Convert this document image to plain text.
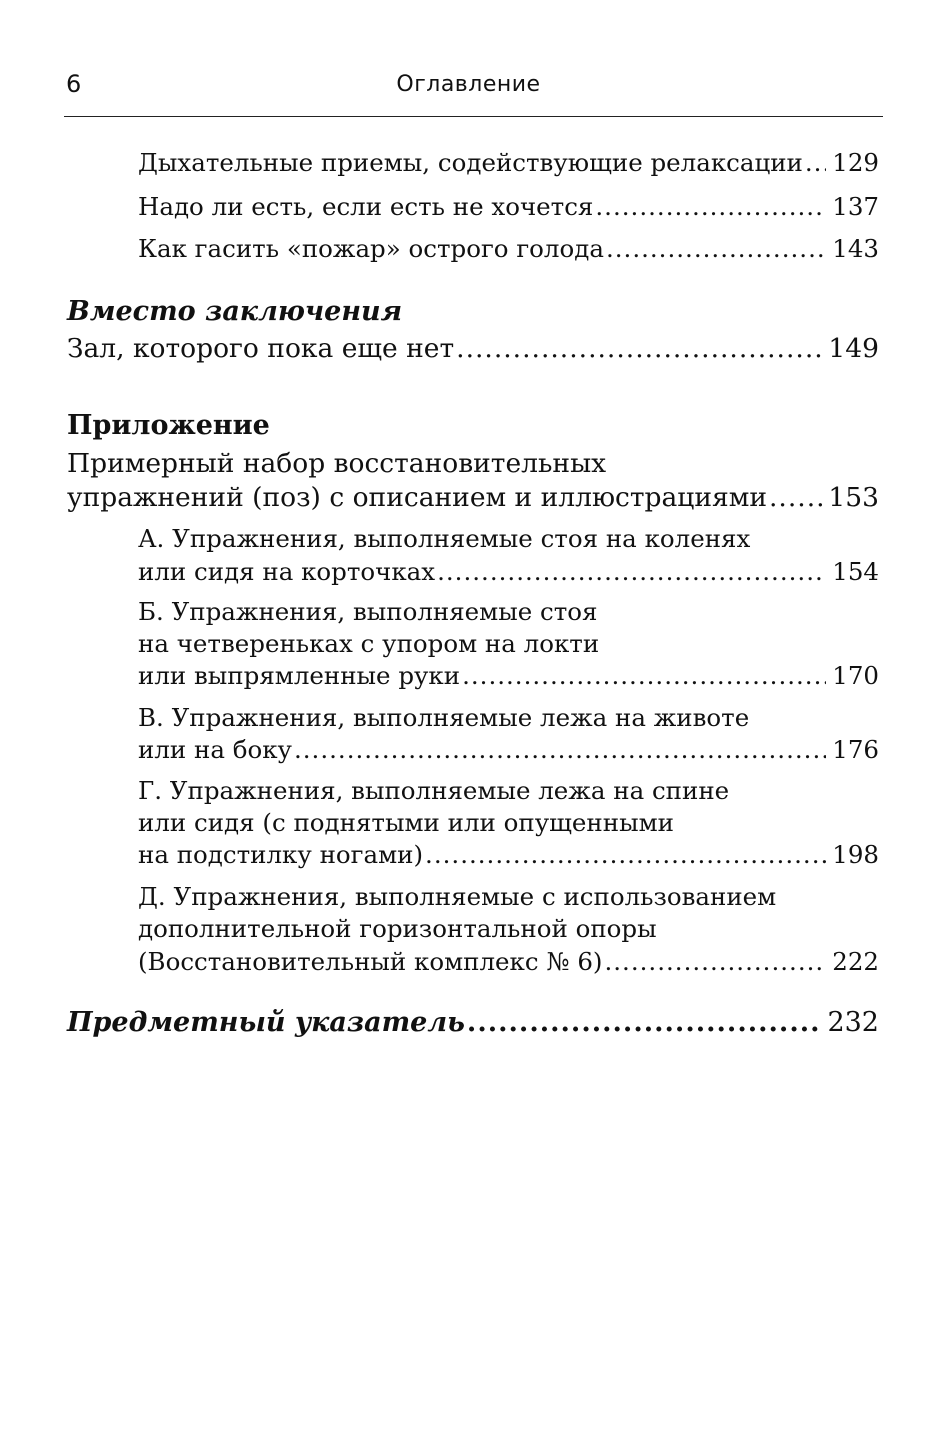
6	Оглавление
Дыхательные приемы, содействующие релаксации ..... 129
Надо ли есть, если есть не хочется .....	137
Как гасить «пожар» острого голода .....	143
Вместо заключения
Зал, которого пока еще нет .....	149
Приложение
Примерный набор восстановительных
упражнений (поз) с описанием и иллюстрациями ..... 153
А. Упражнения, выполняемые стоя на коленях
или сидя на корточках .....	154
Б. Упражнения, выполняемые стоя
на четвереньках с упором на локти
или выпрямленные руки .....	170
В. Упражнения, выполняемые лежа на животе
или на боку .....	176
Г. Упражнения, выполняемые лежа на спине
или сидя (с поднятыми или опущенными
на подстилку ногами) .....	198
Д. Упражнения, выполняемые с использованием
дополнительной горизонтальной опоры
(Восстановительный комплекс № 6) .....	222
Предметный указатель .....	232
